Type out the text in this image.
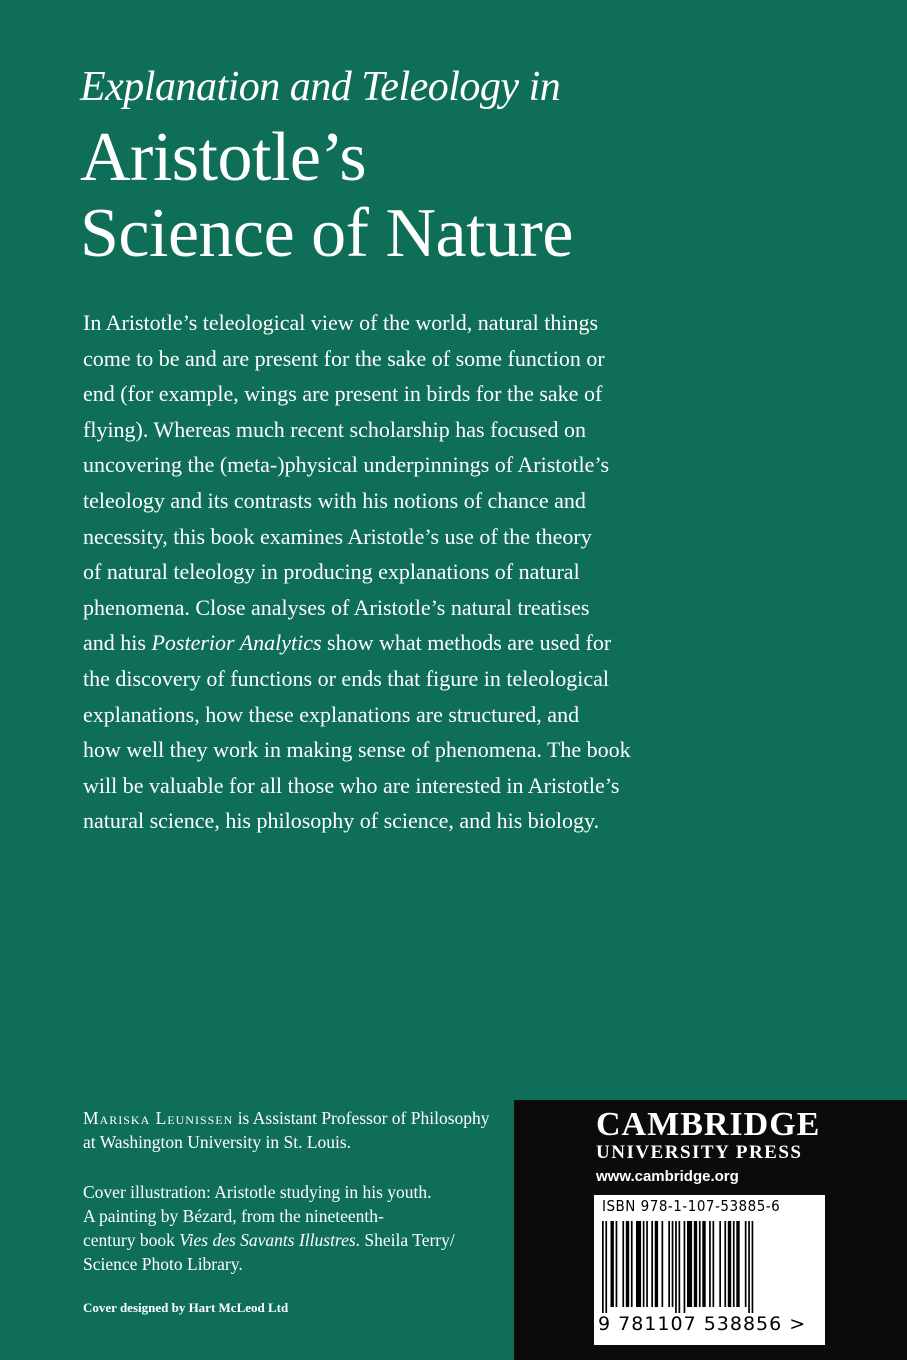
Explanation and Teleology in
Aristotle’s
Science of Nature
In Aristotle’s teleological view of the world, natural things
come to be and are present for the sake of some function or
end (for example, wings are present in birds for the sake of
flying). Whereas much recent scholarship has focused on
uncovering the (meta-)physical underpinnings of Aristotle’s
teleology and its contrasts with his notions of chance and
necessity, this book examines Aristotle’s use of the theory
of natural teleology in producing explanations of natural
phenomena. Close analyses of Aristotle’s natural treatises
and his Posterior Analytics show what methods are used for
the discovery of functions or ends that figure in teleological
explanations, how these explanations are structured, and
how well they work in making sense of phenomena. The book
will be valuable for all those who are interested in Aristotle’s
natural science, his philosophy of science, and his biology.
Mariska Leunissen is Assistant Professor of Philosophy at Washington University in St. Louis.
Cover illustration: Aristotle studying in his youth.
A painting by Bézard, from the nineteenth-
century book Vies des Savants Illustres. Sheila Terry/
Science Photo Library.
Cover designed by Hart McLeod Ltd
CAMBRIDGE
UNIVERSITY PRESS
www.cambridge.org
ISBN 978-1-107-53885-6
9 781107 538856 >
